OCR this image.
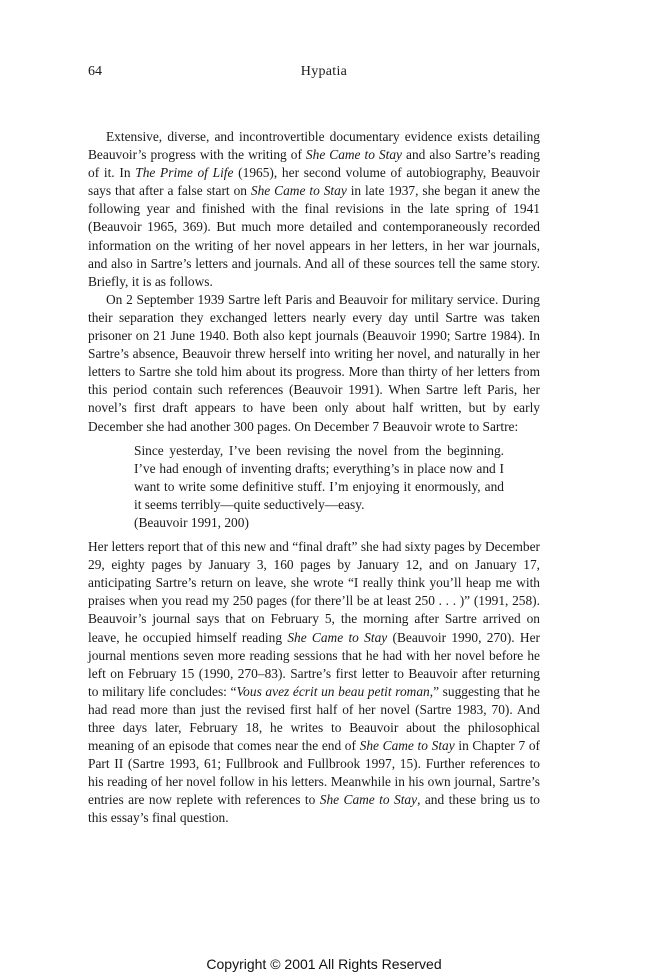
64	Hypatia

Extensive, diverse, and incontrovertible documentary evidence exists detailing Beauvoir’s progress with the writing of She Came to Stay and also Sartre’s reading of it. In The Prime of Life (1965), her second volume of autobiography, Beauvoir says that after a false start on She Came to Stay in late 1937, she began it anew the following year and finished with the final revisions in the late spring of 1941 (Beauvoir 1965, 369). But much more detailed and contemporaneously recorded information on the writing of her novel appears in her letters, in her war journals, and also in Sartre’s letters and journals. And all of these sources tell the same story. Briefly, it is as follows.

On 2 September 1939 Sartre left Paris and Beauvoir for military service. During their separation they exchanged letters nearly every day until Sartre was taken prisoner on 21 June 1940. Both also kept journals (Beauvoir 1990; Sartre 1984). In Sartre’s absence, Beauvoir threw herself into writing her novel, and naturally in her letters to Sartre she told him about its progress. More than thirty of her letters from this period contain such references (Beauvoir 1991). When Sartre left Paris, her novel’s first draft appears to have been only about half written, but by early December she had another 300 pages. On December 7 Beauvoir wrote to Sartre:

Since yesterday, I’ve been revising the novel from the beginning. I’ve had enough of inventing drafts; everything’s in place now and I want to write some definitive stuff. I’m enjoying it enormously, and it seems terribly—quite seductively—easy.
(Beauvoir 1991, 200)

Her letters report that of this new and “final draft” she had sixty pages by December 29, eighty pages by January 3, 160 pages by January 12, and on January 17, anticipating Sartre’s return on leave, she wrote “I really think you’ll heap me with praises when you read my 250 pages (for there’ll be at least 250 . . . )” (1991, 258). Beauvoir’s journal says that on February 5, the morning after Sartre arrived on leave, he occupied himself reading She Came to Stay (Beauvoir 1990, 270). Her journal mentions seven more reading sessions that he had with her novel before he left on February 15 (1990, 270–83). Sartre’s first letter to Beauvoir after returning to military life concludes: “Vous avez écrit un beau petit roman,” suggesting that he had read more than just the revised first half of her novel (Sartre 1983, 70). And three days later, February 18, he writes to Beauvoir about the philosophical meaning of an episode that comes near the end of She Came to Stay in Chapter 7 of Part II (Sartre 1993, 61; Fullbrook and Fullbrook 1997, 15). Further references to his reading of her novel follow in his letters. Meanwhile in his own journal, Sartre’s entries are now replete with references to She Came to Stay, and these bring us to this essay’s final question.

Copyright © 2001 All Rights Reserved
